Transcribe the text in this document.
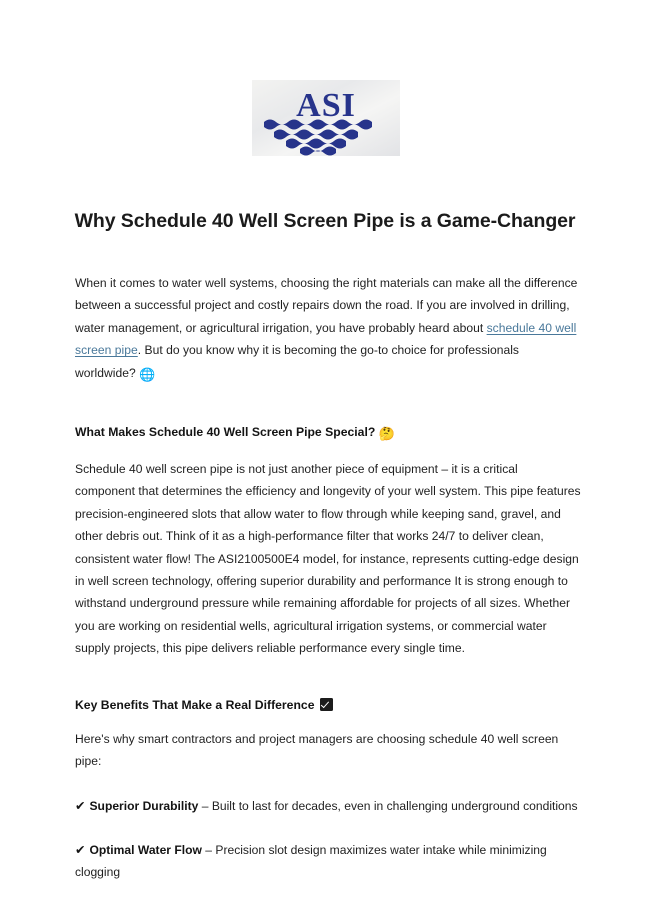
ASI
Why Schedule 40 Well Screen Pipe is a Game-Changer

When it comes to water well systems, choosing the right materials can make all the difference between a successful project and costly repairs down the road. If you are involved in drilling, water management, or agricultural irrigation, you have probably heard about schedule 40 well screen pipe. But do you know why it is becoming the go-to choice for professionals worldwide? 🌐

What Makes Schedule 40 Well Screen Pipe Special? 🤔

Schedule 40 well screen pipe is not just another piece of equipment – it is a critical component that determines the efficiency and longevity of your well system. This pipe features precision-engineered slots that allow water to flow through while keeping sand, gravel, and other debris out. Think of it as a high-performance filter that works 24/7 to deliver clean, consistent water flow! The ASI2100500E4 model, for instance, represents cutting-edge design in well screen technology, offering superior durability and performance It is strong enough to withstand underground pressure while remaining affordable for projects of all sizes. Whether you are working on residential wells, agricultural irrigation systems, or commercial water supply projects, this pipe delivers reliable performance every single time.

Key Benefits That Make a Real Difference

Here's why smart contractors and project managers are choosing schedule 40 well screen pipe:

✔ Superior Durability – Built to last for decades, even in challenging underground conditions

✔ Optimal Water Flow – Precision slot design maximizes water intake while minimizing clogging
